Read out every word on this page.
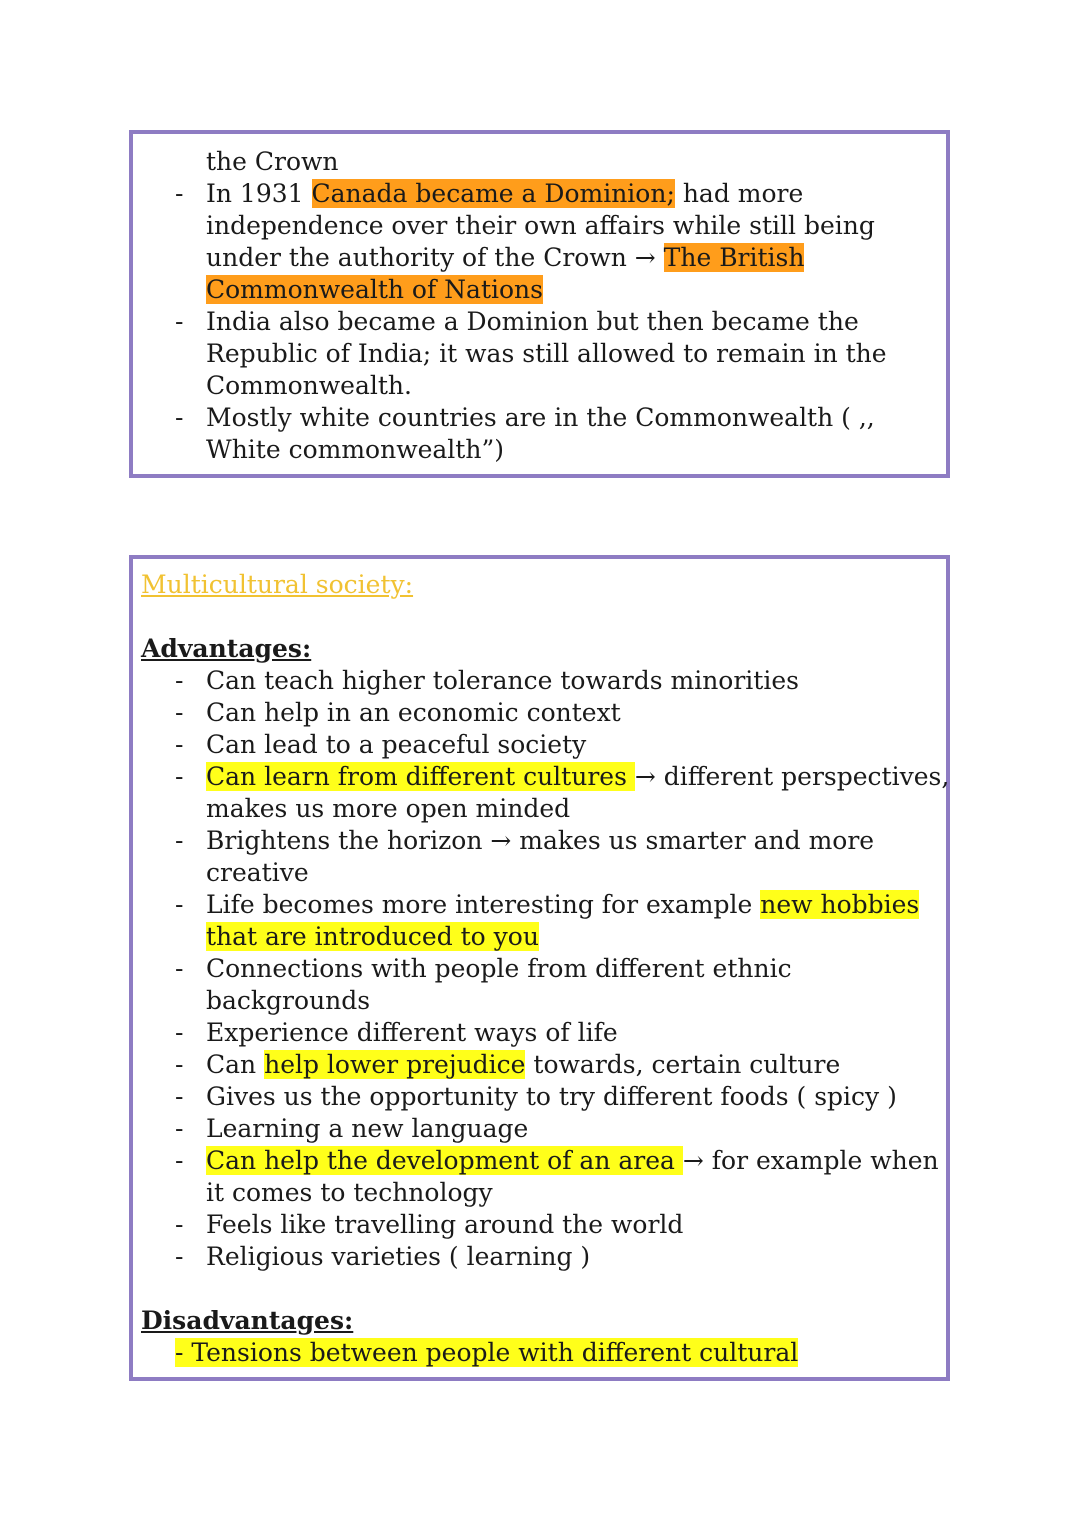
the Crown
- In 1931 Canada became a Dominion; had more
independence over their own affairs while still being
under the authority of the Crown → The British
Commonwealth of Nations
- India also became a Dominion but then became the
Republic of India; it was still allowed to remain in the
Commonwealth.
- Mostly white countries are in the Commonwealth ( ,,
White commonwealth”)
Multicultural society:
Advantages:
- Can teach higher tolerance towards minorities
- Can help in an economic context
- Can lead to a peaceful society
- Can learn from different cultures → different perspectives,
makes us more open minded
- Brightens the horizon → makes us smarter and more
creative
- Life becomes more interesting for example new hobbies
that are introduced to you
- Connections with people from different ethnic
backgrounds
- Experience different ways of life
- Can help lower prejudice towards, certain culture
- Gives us the opportunity to try different foods ( spicy )
- Learning a new language
- Can help the development of an area → for example when
it comes to technology
- Feels like travelling around the world
- Religious varieties ( learning )
Disadvantages:
- Tensions between people with different cultural
